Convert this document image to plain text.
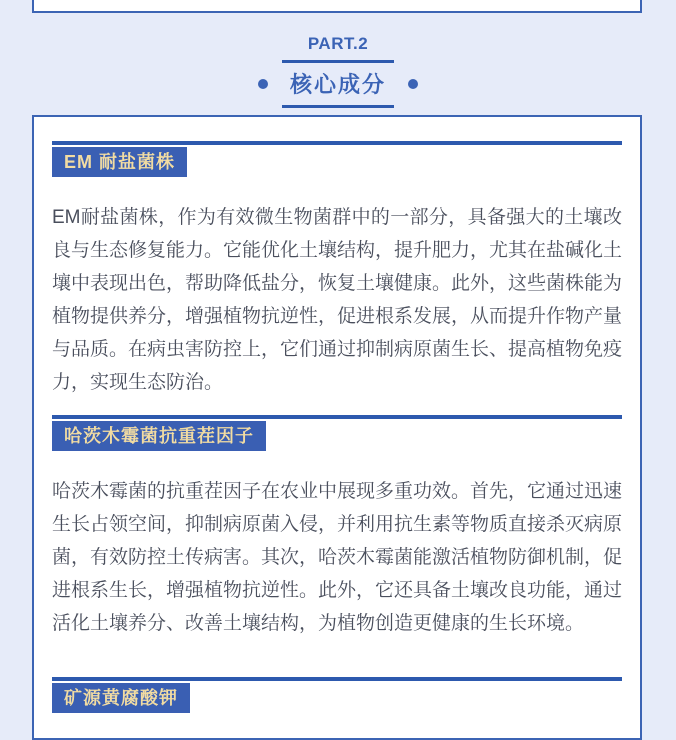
PART.2
核心成分
EM 耐盐菌株

EM耐盐菌株，作为有效微生物菌群中的一部分，具备强大的土壤改良与生态修复能力。它能优化土壤结构，提升肥力，尤其在盐碱化土壤中表现出色，帮助降低盐分，恢复土壤健康。此外，这些菌株能为植物提供养分，增强植物抗逆性，促进根系发展，从而提升作物产量与品质。在病虫害防控上，它们通过抑制病原菌生长、提高植物免疫力，实现生态防治。

哈茨木霉菌抗重茬因子

哈茨木霉菌的抗重茬因子在农业中展现多重功效。首先，它通过迅速生长占领空间，抑制病原菌入侵，并利用抗生素等物质直接杀灭病原菌，有效防控土传病害。其次，哈茨木霉菌能激活植物防御机制，促进根系生长，增强植物抗逆性。此外，它还具备土壤改良功能，通过活化土壤养分、改善土壤结构，为植物创造更健康的生长环境。

矿源黄腐酸钾
